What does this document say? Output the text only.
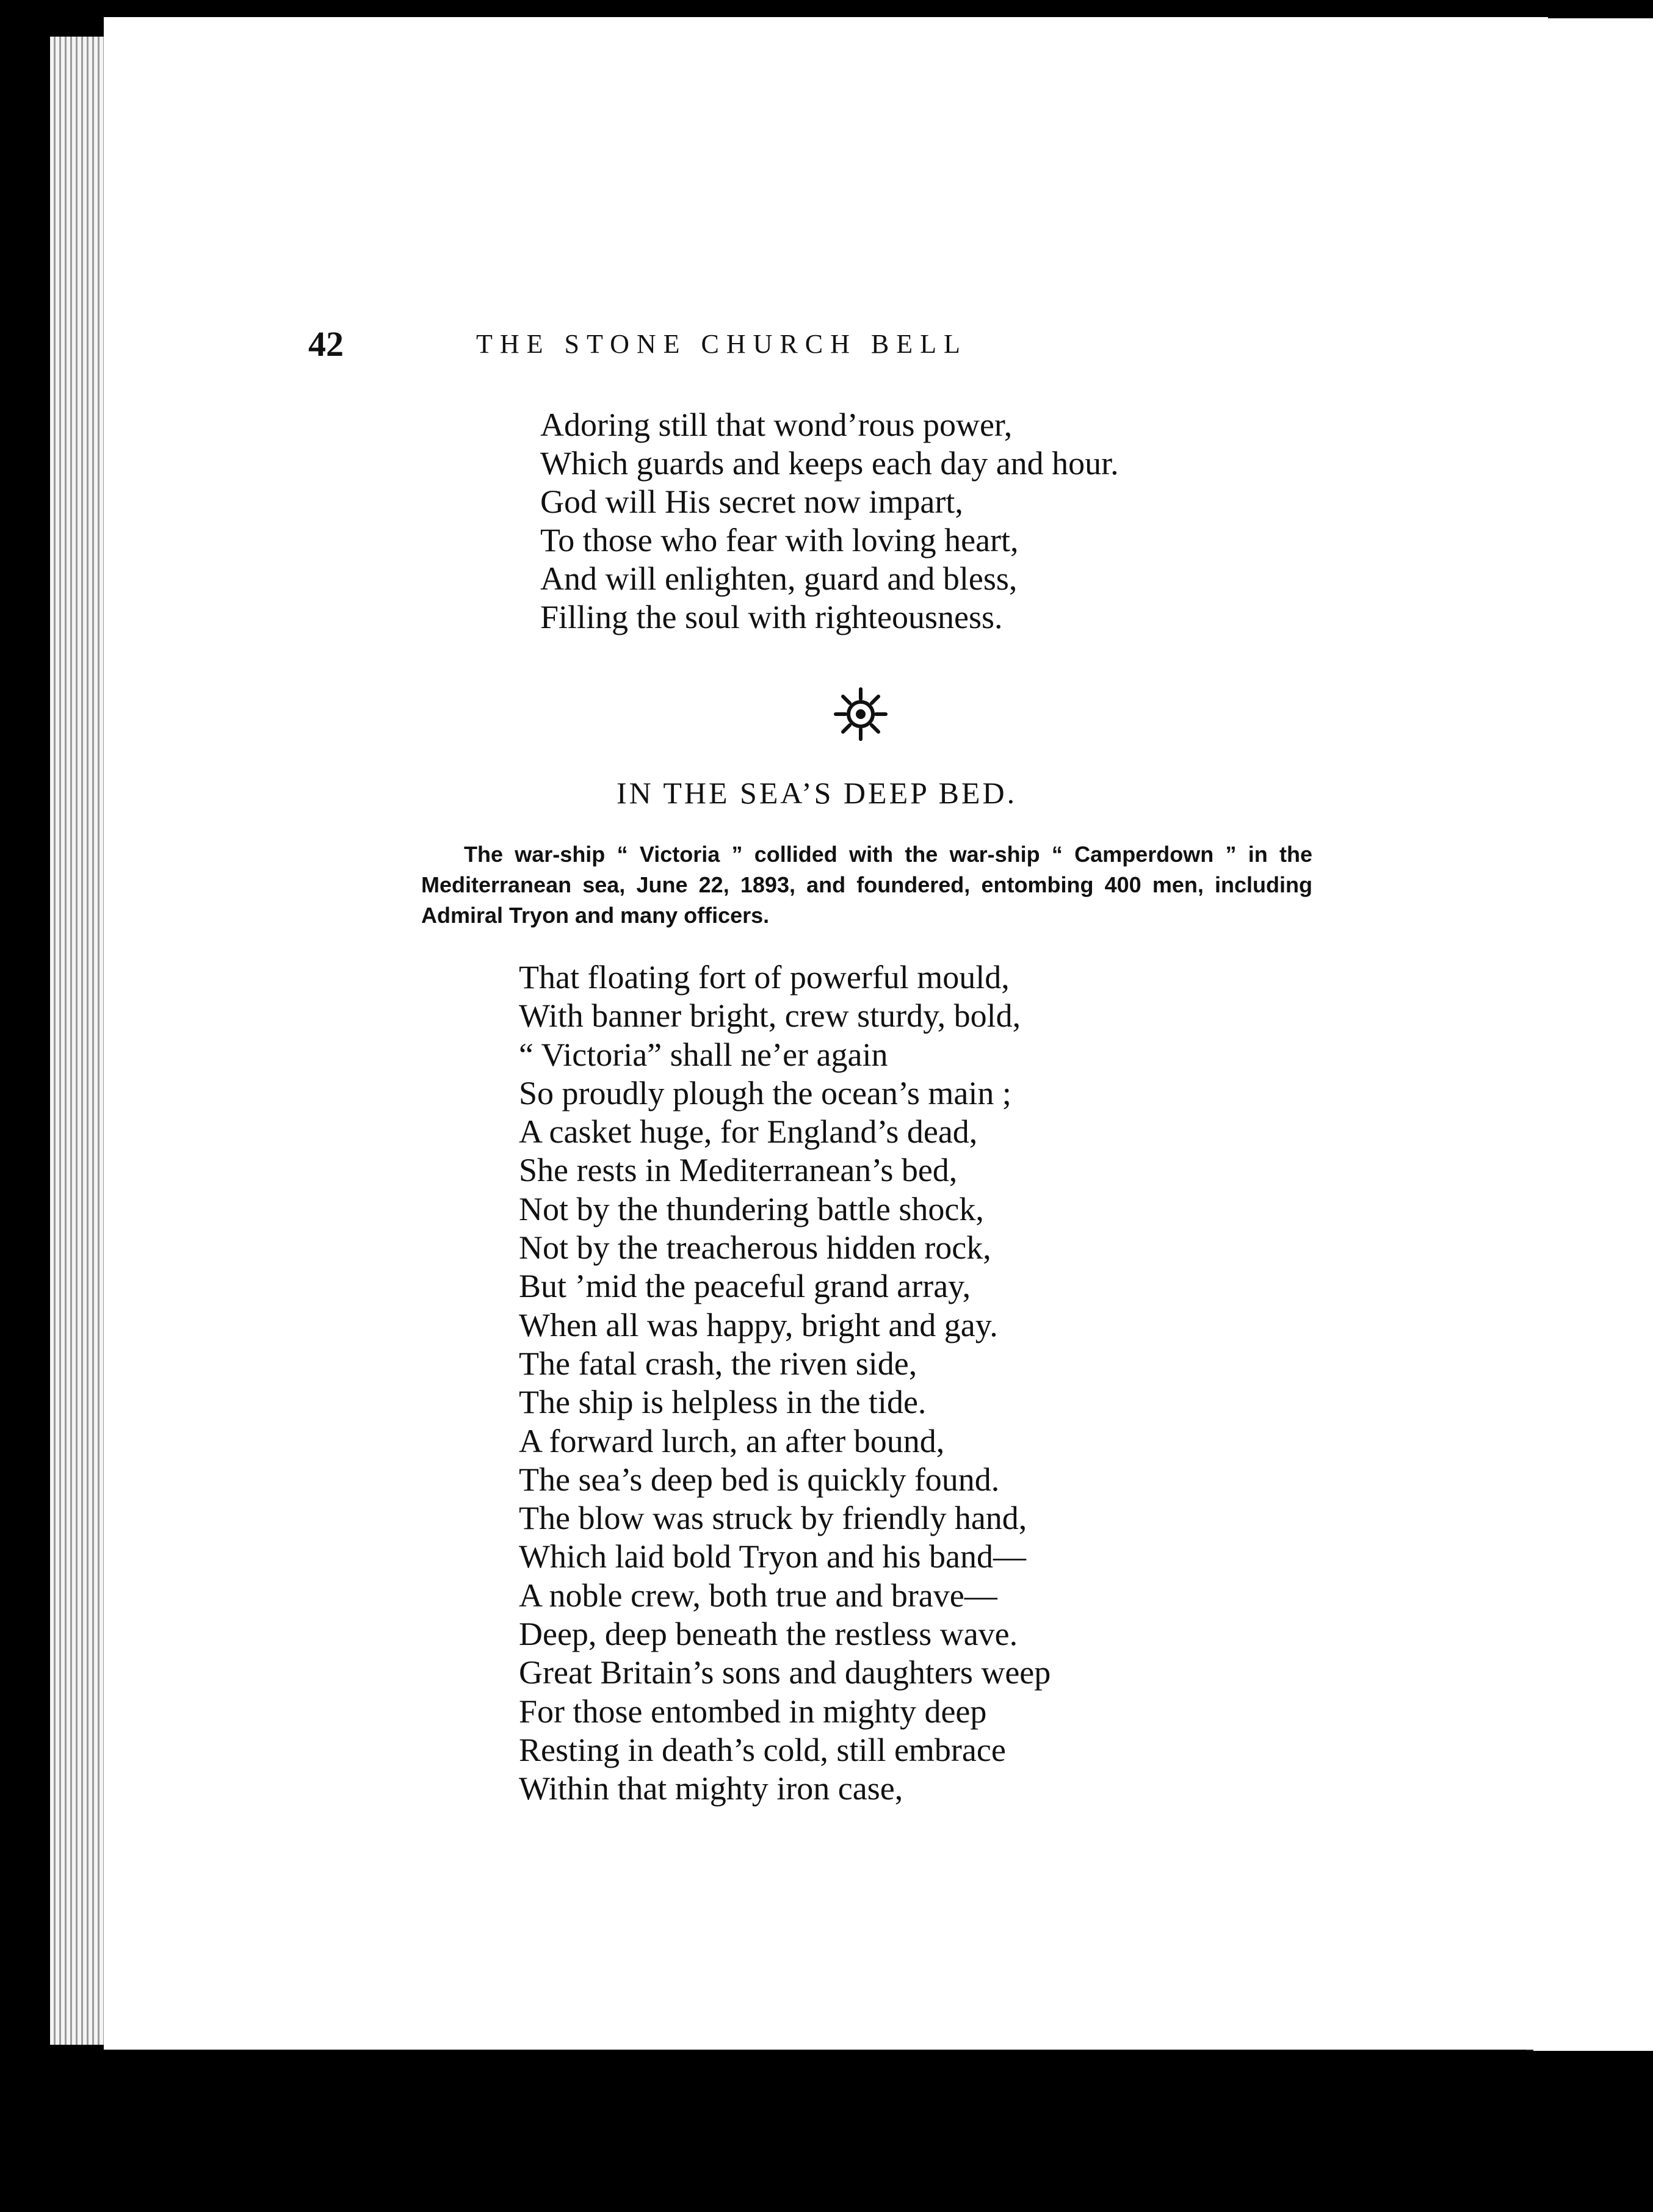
42	THE STONE CHURCH BELL
Adoring still that wond’rous power,
Which guards and keeps each day and hour.
God will His secret now impart,
To those who fear with loving heart,
And will enlighten, guard and bless,
Filling the soul with righteousness.
IN THE SEA’S DEEP BED.
The war-ship “ Victoria ” collided with the war-ship “ Camperdown ” in the Mediterranean sea, June 22, 1893, and foundered, entombing 400 men, including Admiral Tryon and many officers.
That floating fort of powerful mould,
With banner bright, crew sturdy, bold,
“ Victoria” shall ne’er again
So proudly plough the ocean’s main ;
A casket huge, for England’s dead,
She rests in Mediterranean’s bed,
Not by the thundering battle shock,
Not by the treacherous hidden rock,
But ’mid the peaceful grand array,
When all was happy, bright and gay.
The fatal crash, the riven side,
The ship is helpless in the tide.
A forward lurch, an after bound,
The sea’s deep bed is quickly found.
The blow was struck by friendly hand,
Which laid bold Tryon and his band—
A noble crew, both true and brave—
Deep, deep beneath the restless wave.
Great Britain’s sons and daughters weep
For those entombed in mighty deep
Resting in death’s cold, still embrace
Within that mighty iron case,
